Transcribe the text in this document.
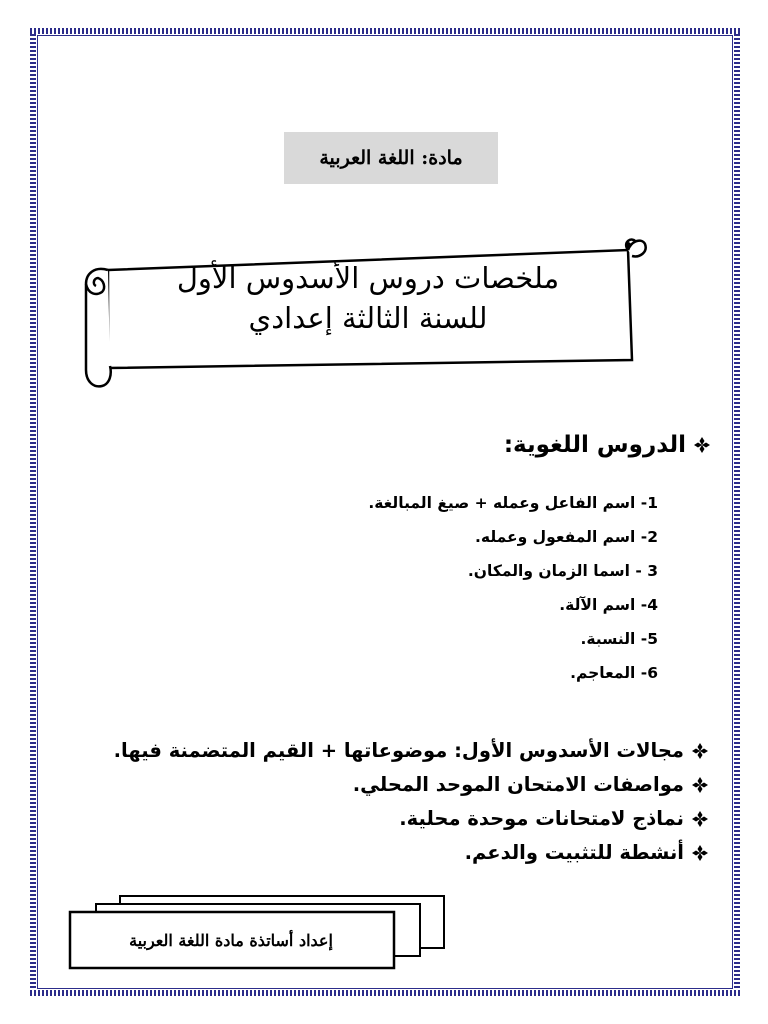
مادة: اللغة العربية
ملخصات دروس الأسدوس الأول
للسنة الثالثة إعدادي
الدروس اللغوية:
1- اسم الفاعل وعمله + صيغ المبالغة.
2- اسم المفعول وعمله.
3 - اسما الزمان والمكان.
4- اسم الآلة.
5- النسبة.
6- المعاجم.
مجالات الأسدوس الأول: موضوعاتها + القيم المتضمنة فيها.
مواصفات الامتحان الموحد المحلي.
نماذج لامتحانات موحدة محلية.
أنشطة للتثبيت والدعم.
إعداد أساتذة مادة اللغة العربية
